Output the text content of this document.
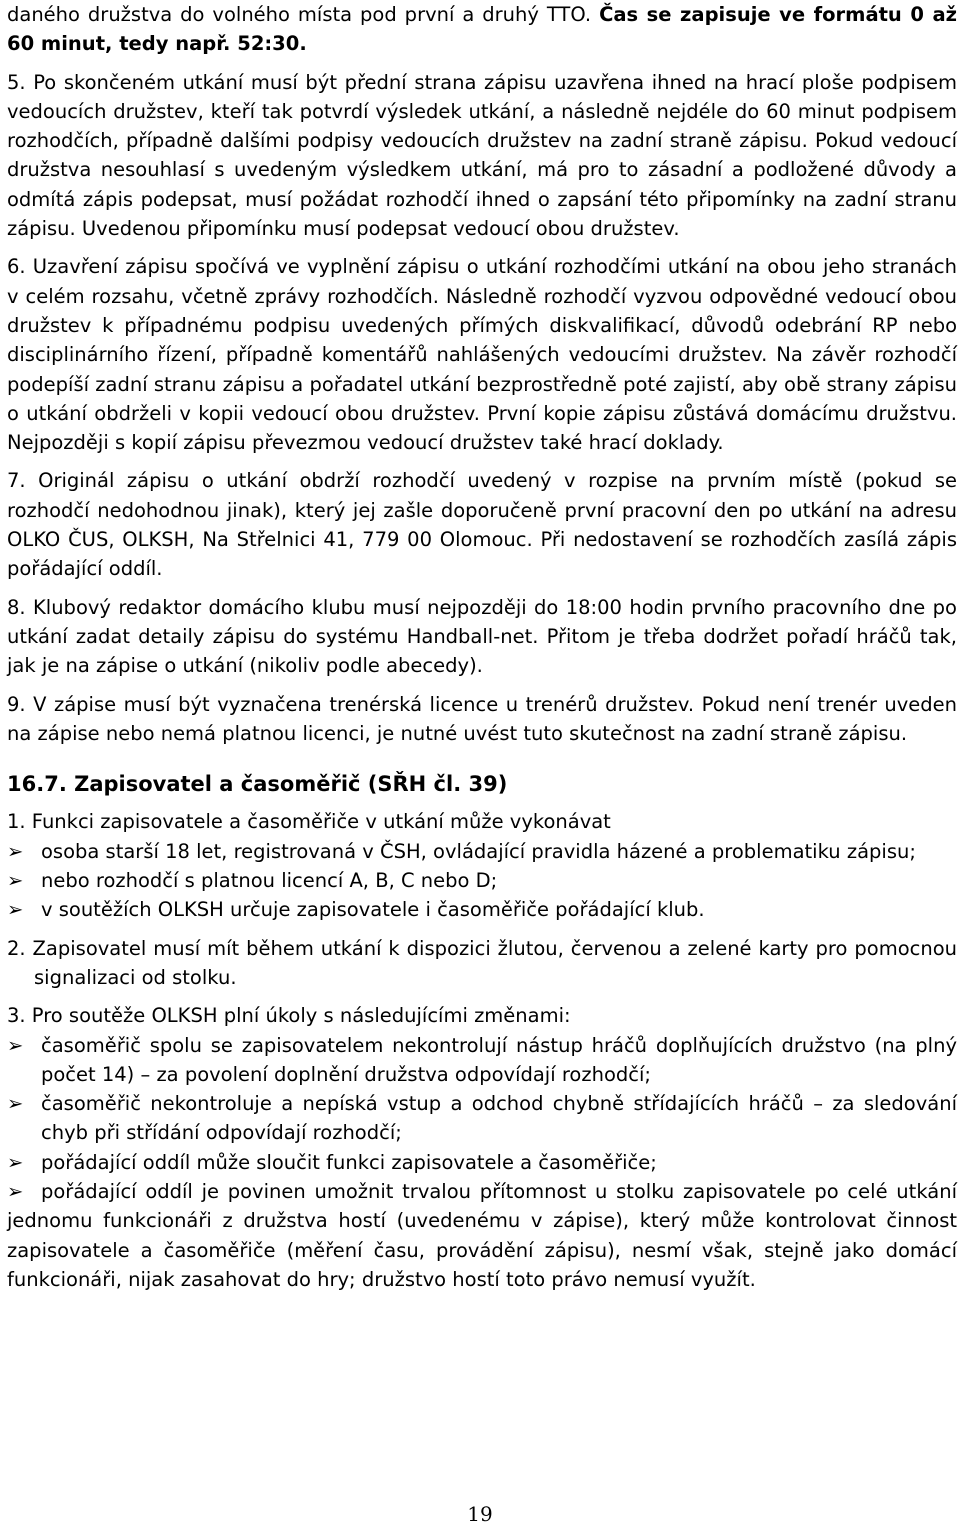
daného družstva do volného místa pod první a druhý TTO. Čas se zapisuje ve formátu 0 až 60 minut, tedy např. 52:30.

5. Po skončeném utkání musí být přední strana zápisu uzavřena ihned na hrací ploše podpisem vedoucích družstev, kteří tak potvrdí výsledek utkání, a následně nejdéle do 60 minut podpisem rozhodčích, případně dalšími podpisy vedoucích družstev na zadní straně zápisu. Pokud vedoucí družstva nesouhlasí s uvedeným výsledkem utkání, má pro to zásadní a podložené důvody a odmítá zápis podepsat, musí požádat rozhodčí ihned o zapsání této připomínky na zadní stranu zápisu. Uvedenou připomínku musí podepsat vedoucí obou družstev.

6. Uzavření zápisu spočívá ve vyplnění zápisu o utkání rozhodčími utkání na obou jeho stranách v celém rozsahu, včetně zprávy rozhodčích. Následně rozhodčí vyzvou odpovědné vedoucí obou družstev k případnému podpisu uvedených přímých diskvalifikací, důvodů odebrání RP nebo disciplinárního řízení, případně komentářů nahlášených vedoucími družstev. Na závěr rozhodčí podepíší zadní stranu zápisu a pořadatel utkání bezprostředně poté zajistí, aby obě strany zápisu o utkání obdrželi v kopii vedoucí obou družstev. První kopie zápisu zůstává domácímu družstvu. Nejpozději s kopií zápisu převezmou vedoucí družstev také hrací doklady.

7. Originál zápisu o utkání obdrží rozhodčí uvedený v rozpise na prvním místě (pokud se rozhodčí nedohodnou jinak), který jej zašle doporučeně první pracovní den po utkání na adresu OLKO ČUS, OLKSH, Na Střelnici 41, 779 00 Olomouc. Při nedostavení se rozhodčích zasílá zápis pořádající oddíl.

8. Klubový redaktor domácího klubu musí nejpozději do 18:00 hodin prvního pracovního dne po utkání zadat detaily zápisu do systému Handball-net. Přitom je třeba dodržet pořadí hráčů tak, jak je na zápise o utkání (nikoliv podle abecedy).

9. V zápise musí být vyznačena trenérská licence u trenérů družstev. Pokud není trenér uveden na zápise nebo nemá platnou licenci, je nutné uvést tuto skutečnost na zadní straně zápisu.

16.7. Zapisovatel a časoměřič (SŘH čl. 39)

1. Funkci zapisovatele a časoměřiče v utkání může vykonávat

➢ osoba starší 18 let, registrovaná v ČSH, ovládající pravidla házené a problematiku zápisu;
➢ nebo rozhodčí s platnou licencí A, B, C nebo D;
➢ v soutěžích OLKSH určuje zapisovatele i časoměřiče pořádající klub.

2. Zapisovatel musí mít během utkání k dispozici žlutou, červenou a zelené karty pro pomocnou signalizaci od stolku.

3. Pro soutěže OLKSH plní úkoly s následujícími změnami:

➢ časoměřič spolu se zapisovatelem nekontrolují nástup hráčů doplňujících družstvo (na plný počet 14) – za povolení doplnění družstva odpovídají rozhodčí;
➢ časoměřič nekontroluje a nepíská vstup a odchod chybně střídajících hráčů – za sledování chyb při střídání odpovídají rozhodčí;
➢ pořádající oddíl může sloučit funkci zapisovatele a časoměřiče;
➢ pořádající oddíl je povinen umožnit trvalou přítomnost u stolku zapisovatele po celé utkání jednomu funkcionáři z družstva hostí (uvedenému v zápise), který může kontrolovat činnost zapisovatele a časoměřiče (měření času, provádění zápisu), nesmí však, stejně jako domácí funkcionáři, nijak zasahovat do hry; družstvo hostí toto právo nemusí využít.
19
